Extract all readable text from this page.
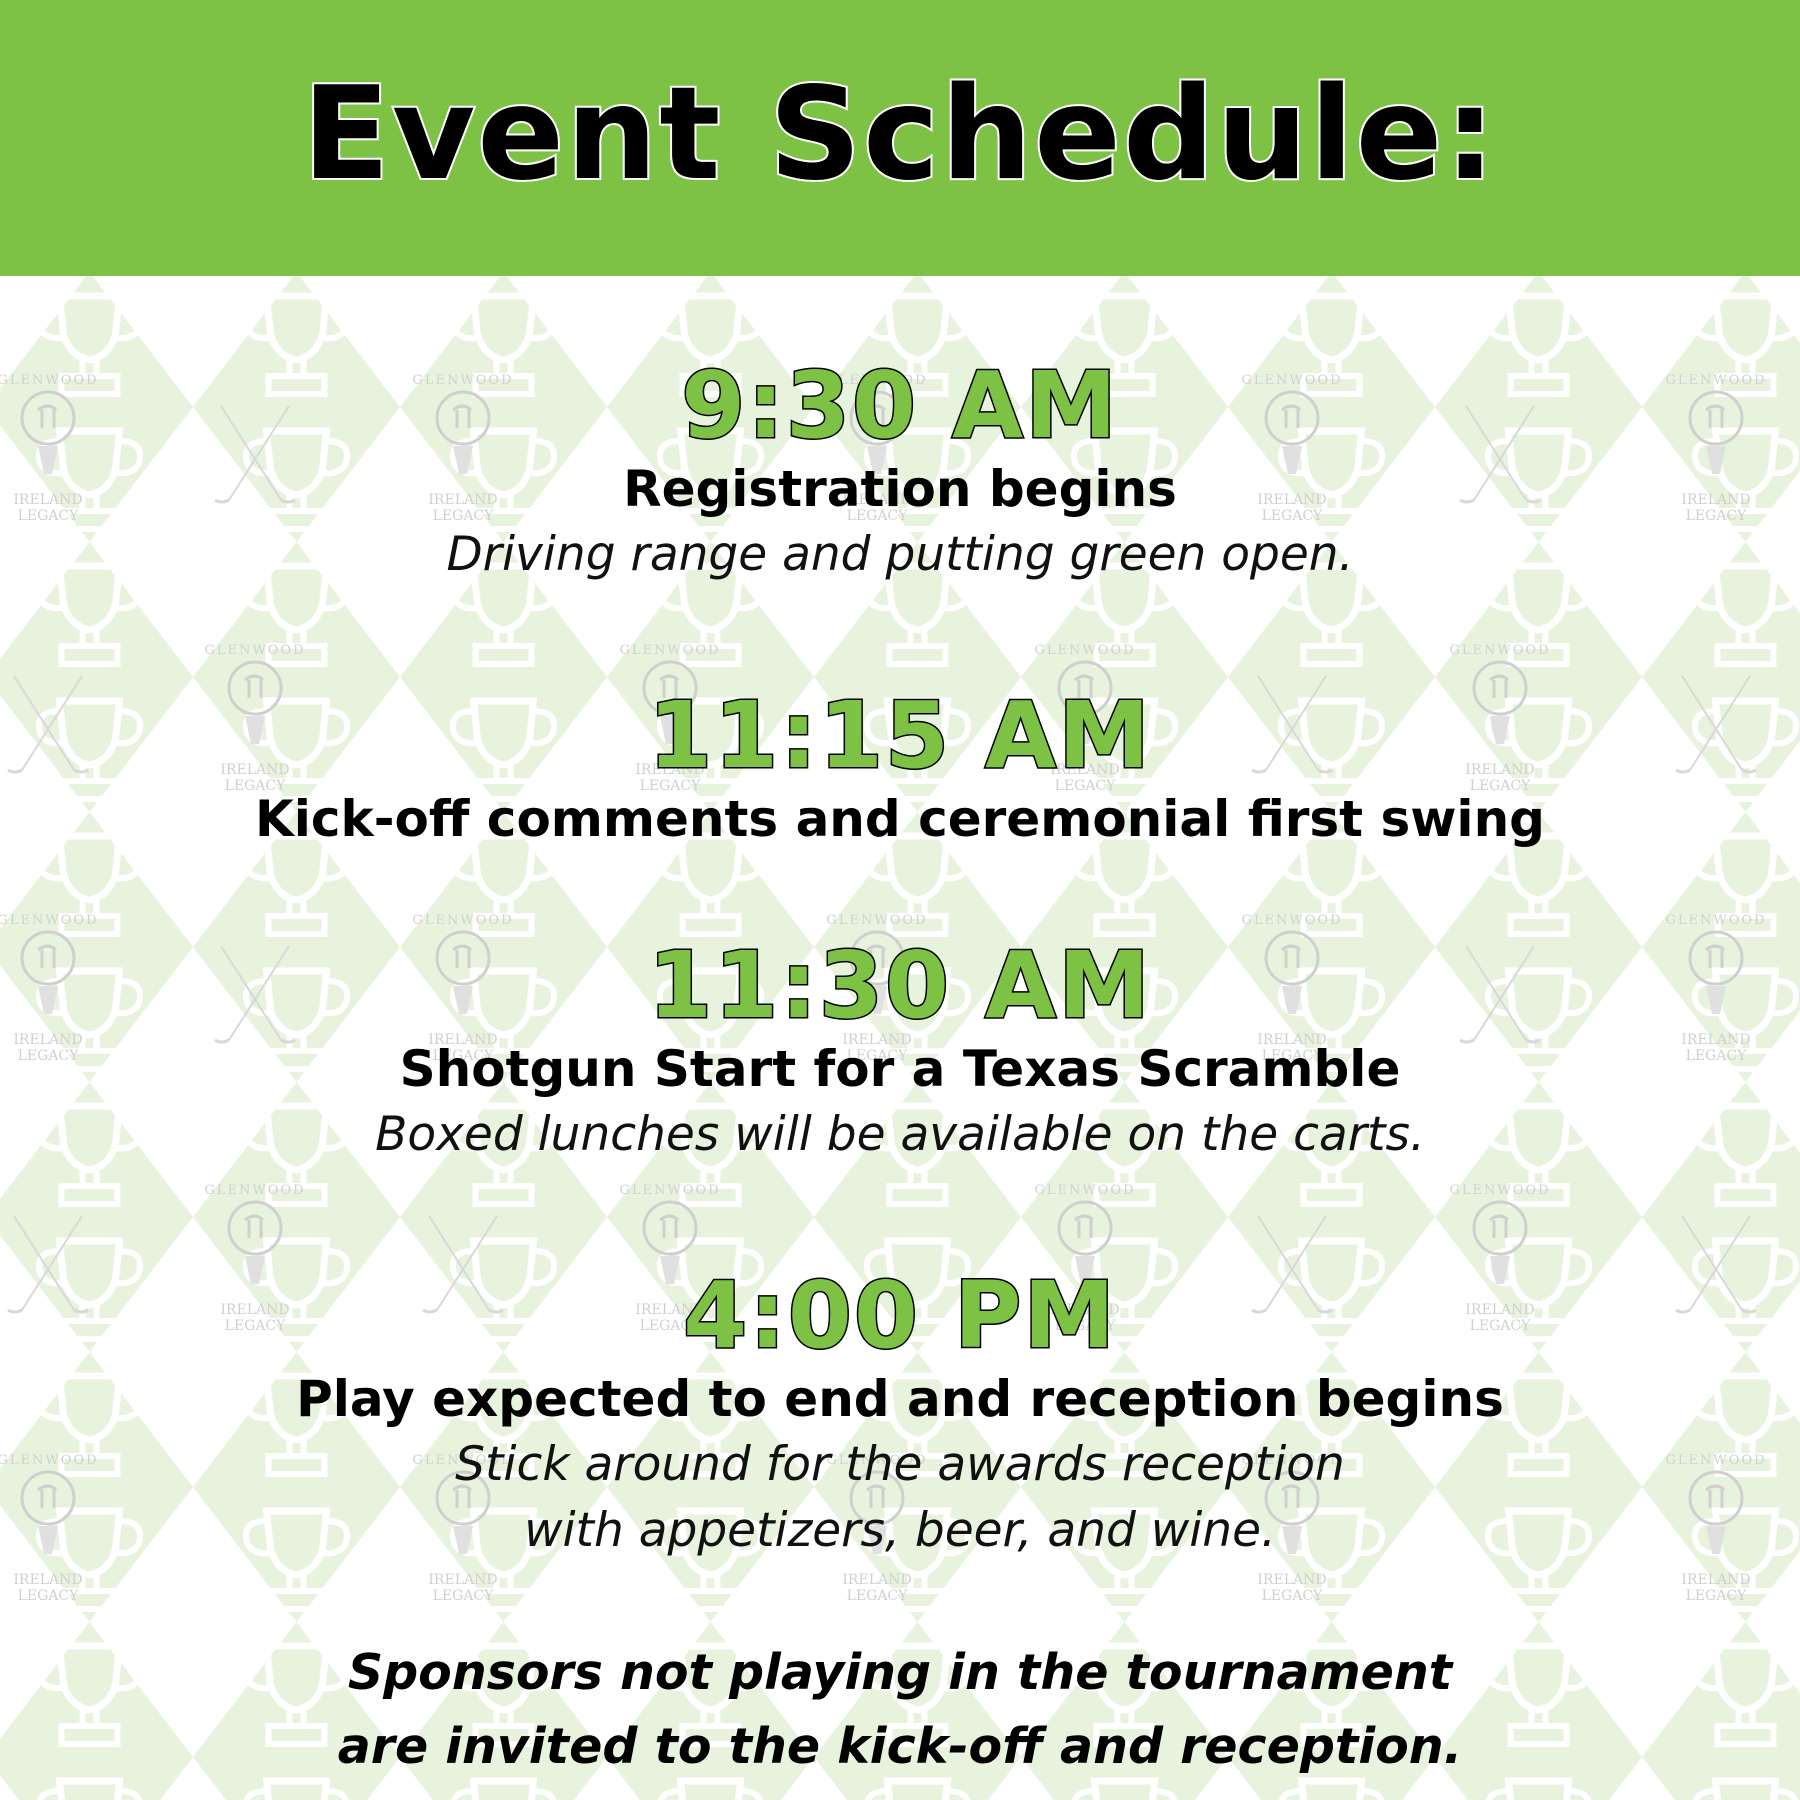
Event Schedule:
9:30 AM
Registration begins
Driving range and putting green open.
11:15 AM
Kick-off comments and ceremonial first swing
11:30 AM
Shotgun Start for a Texas Scramble
Boxed lunches will be available on the carts.
4:00 PM
Play expected to end and reception begins
Stick around for the awards reception
with appetizers, beer, and wine.
Sponsors not playing in the tournament
are invited to the kick-off and reception.
